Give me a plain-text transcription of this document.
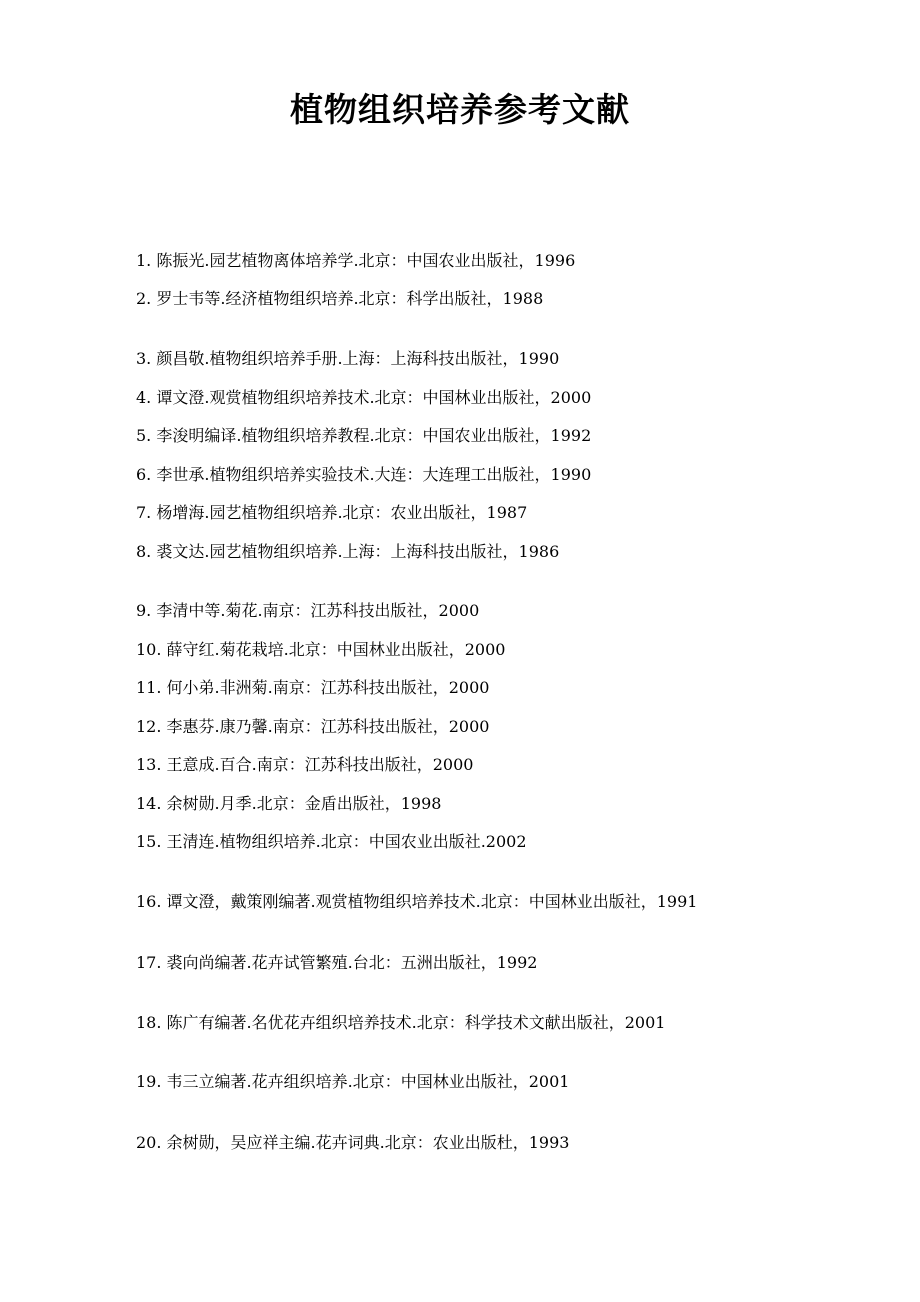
植物组织培养参考文献
1. 陈振光.园艺植物离体培养学.北京：中国农业出版社，1996
2. 罗士韦等.经济植物组织培养.北京：科学出版社，1988
3. 颜昌敬.植物组织培养手册.上海：上海科技出版社，1990
4. 谭文澄.观赏植物组织培养技术.北京：中国林业出版社，2000
5. 李浚明编译.植物组织培养教程.北京：中国农业出版社，1992
6. 李世承.植物组织培养实验技术.大连：大连理工出版社，1990
7. 杨增海.园艺植物组织培养.北京：农业出版社，1987
8. 裘文达.园艺植物组织培养.上海：上海科技出版社，1986
9. 李清中等.菊花.南京：江苏科技出版社，2000
10. 薛守红.菊花栽培.北京：中国林业出版社，2000
11. 何小弟.非洲菊.南京：江苏科技出版社，2000
12. 李惠芬.康乃馨.南京：江苏科技出版社，2000
13. 王意成.百合.南京：江苏科技出版社，2000
14. 余树勋.月季.北京：金盾出版社，1998
15. 王清连.植物组织培养.北京：中国农业出版社.2002
16. 谭文澄，戴策刚编著.观赏植物组织培养技术.北京：中国林业出版社，1991
17. 裘向尚编著.花卉试管繁殖.台北：五洲出版社，1992
18. 陈广有编著.名优花卉组织培养技术.北京：科学技术文献出版社，2001
19. 韦三立编著.花卉组织培养.北京：中国林业出版社，2001
20. 余树勋，吴应祥主编.花卉词典.北京：农业出版杜，1993
